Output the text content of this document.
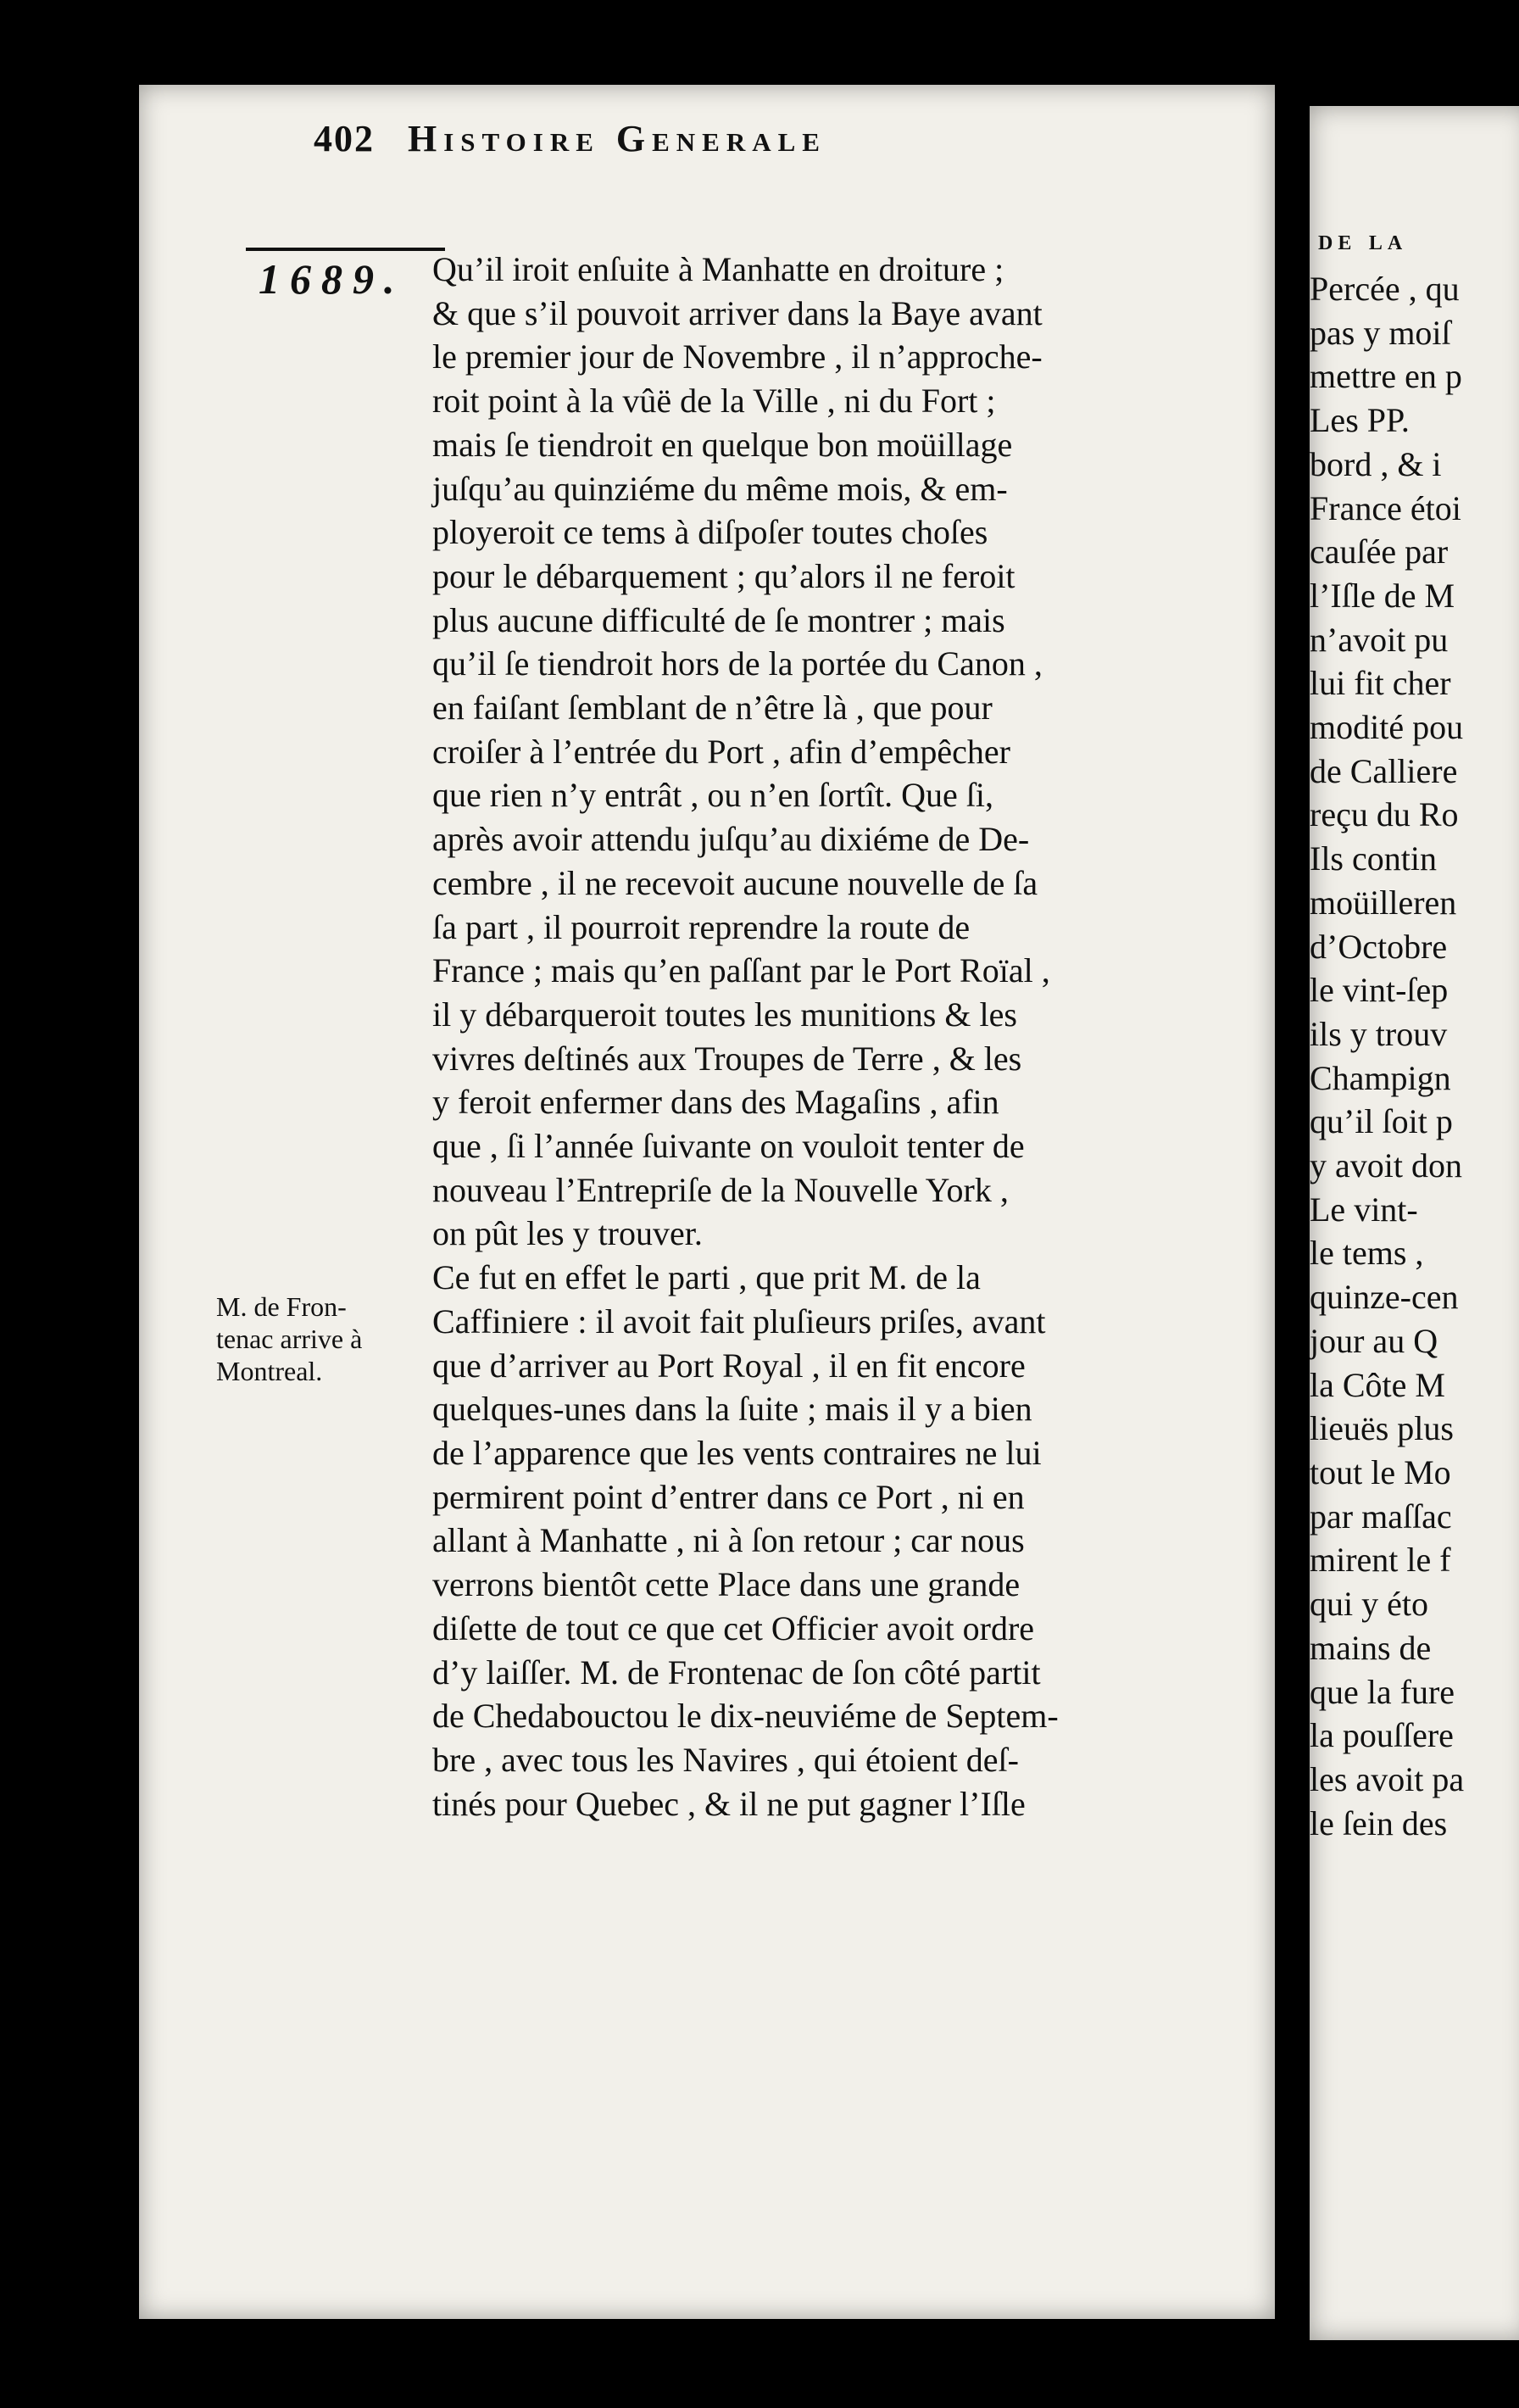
de la
Percée , qu
pas y moiſ
mettre en p
Les PP.
bord , & i
France étoi
cauſée par
l’Iſle de M
n’avoit pu
lui fit cher
modité pou
de Calliere
reçu du Ro
Ils contin
moüilleren
d’Octobre
le vint-ſep
ils y trouv
Champign
qu’il ſoit p
y avoit don
Le vint-
le tems ,
quinze-cen
jour au Q
la Côte M
lieuës plus
tout le Mo
par maſſac
mirent le f
qui y éto
mains de
que la fure
la pouſſere
les avoit pa
le ſein des
402 Histoire Generale
1689.
M. de Fron-
tenac arrive à
Montreal.
Qu’il iroit enſuite à Manhatte en droiture ;
& que s’il pouvoit arriver dans la Baye avant
le premier jour de Novembre , il n’approche-
roit point à la vûë de la Ville , ni du Fort ;
mais ſe tiendroit en quelque bon moüillage
juſqu’au quinziéme du même mois, & em-
ployeroit ce tems à diſpoſer toutes choſes
pour le débarquement ; qu’alors il ne feroit
plus aucune difficulté de ſe montrer ; mais
qu’il ſe tiendroit hors de la portée du Canon ,
en faiſant ſemblant de n’être là , que pour
croiſer à l’entrée du Port , afin d’empêcher
que rien n’y entrât , ou n’en ſortît. Que ſi,
après avoir attendu juſqu’au dixiéme de De-
cembre , il ne recevoit aucune nouvelle de ſa
ſa part , il pourroit reprendre la route de
France ; mais qu’en paſſant par le Port Roïal ,
il y débarqueroit toutes les munitions & les
vivres deſtinés aux Troupes de Terre , & les
y feroit enfermer dans des Magaſins , afin
que , ſi l’année ſuivante on vouloit tenter de
nouveau l’Entrepriſe de la Nouvelle York ,
on pût les y trouver.
Ce fut en effet le parti , que prit M. de la
Caffiniere : il avoit fait pluſieurs priſes, avant
que d’arriver au Port Royal , il en fit encore
quelques-unes dans la ſuite ; mais il y a bien
de l’apparence que les vents contraires ne lui
permirent point d’entrer dans ce Port , ni en
allant à Manhatte , ni à ſon retour ; car nous
verrons bientôt cette Place dans une grande
diſette de tout ce que cet Officier avoit ordre
d’y laiſſer. M. de Frontenac de ſon côté partit
de Chedabouctou le dix-neuviéme de Septem-
bre , avec tous les Navires , qui étoient deſ-
tinés pour Quebec , & il ne put gagner l’Iſle
